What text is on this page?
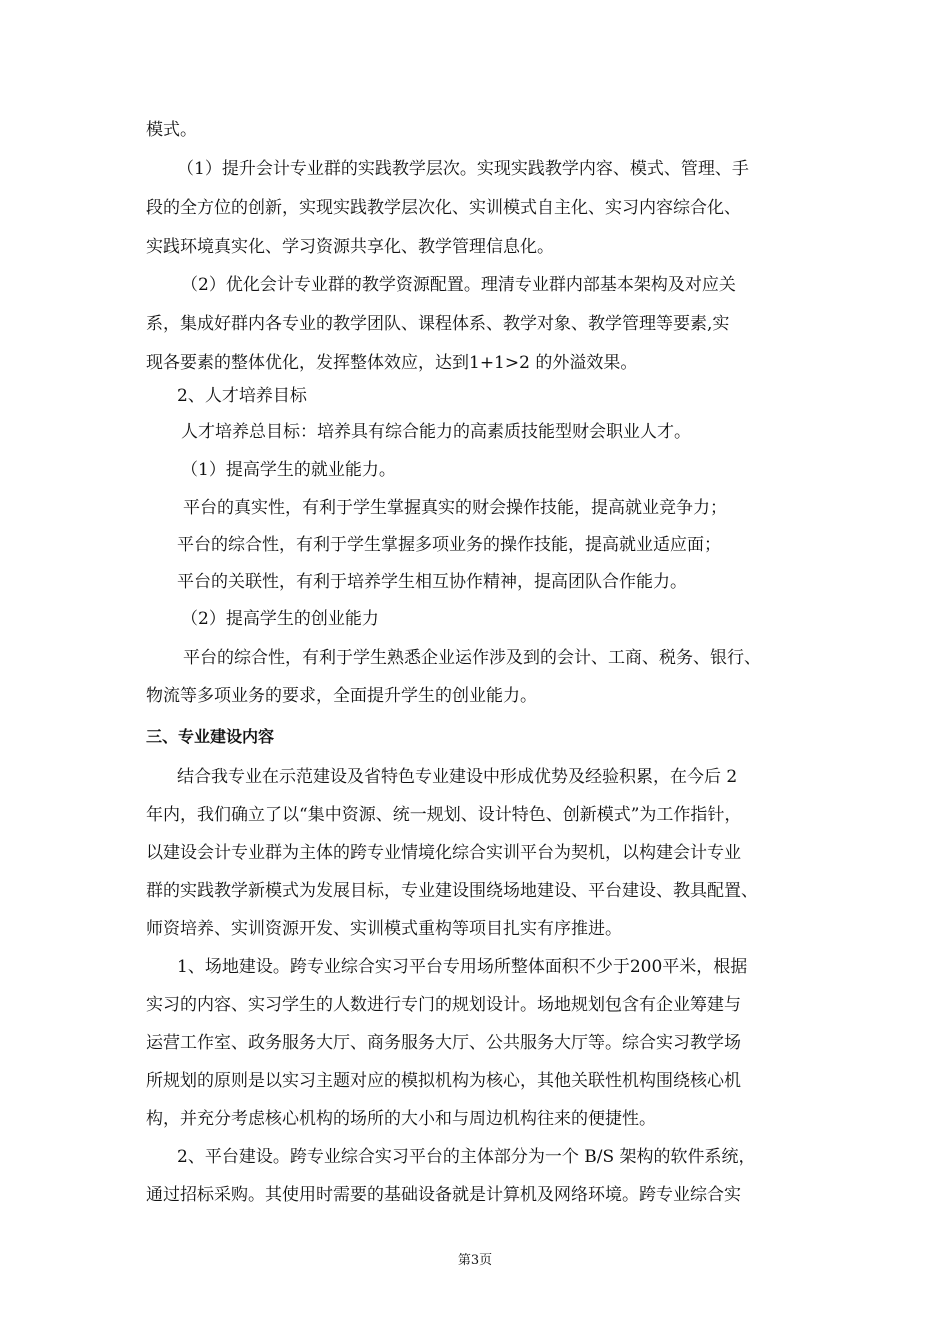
模式。
（1）提升会计专业群的实践教学层次。实现实践教学内容、模式、管理、手
段的全方位的创新，实现实践教学层次化、实训模式自主化、实习内容综合化、
实践环境真实化、学习资源共享化、教学管理信息化。
（2）优化会计专业群的教学资源配置。理清专业群内部基本架构及对应关
系，集成好群内各专业的教学团队、课程体系、教学对象、教学管理等要素,实
现各要素的整体优化，发挥整体效应，达到1+1>2 的外溢效果。
2、人才培养目标
人才培养总目标：培养具有综合能力的高素质技能型财会职业人才。
（1）提高学生的就业能力。
平台的真实性，有利于学生掌握真实的财会操作技能，提高就业竞争力；
平台的综合性，有利于学生掌握多项业务的操作技能，提高就业适应面；
平台的关联性，有利于培养学生相互协作精神，提高团队合作能力。
（2）提高学生的创业能力
平台的综合性，有利于学生熟悉企业运作涉及到的会计、工商、税务、银行、
物流等多项业务的要求，全面提升学生的创业能力。
三、专业建设内容
结合我专业在示范建设及省特色专业建设中形成优势及经验积累，在今后 2
年内，我们确立了以“集中资源、统一规划、设计特色、创新模式”为工作指针，
以建设会计专业群为主体的跨专业情境化综合实训平台为契机，以构建会计专业
群的实践教学新模式为发展目标，专业建设围绕场地建设、平台建设、教具配置、
师资培养、实训资源开发、实训模式重构等项目扎实有序推进。
1、场地建设。跨专业综合实习平台专用场所整体面积不少于200平米，根据
实习的内容、实习学生的人数进行专门的规划设计。场地规划包含有企业筹建与
运营工作室、政务服务大厅、商务服务大厅、公共服务大厅等。综合实习教学场
所规划的原则是以实习主题对应的模拟机构为核心，其他关联性机构围绕核心机
构，并充分考虑核心机构的场所的大小和与周边机构往来的便捷性。
2、平台建设。跨专业综合实习平台的主体部分为一个 B/S 架构的软件系统，
通过招标采购。其使用时需要的基础设备就是计算机及网络环境。跨专业综合实
第3页
